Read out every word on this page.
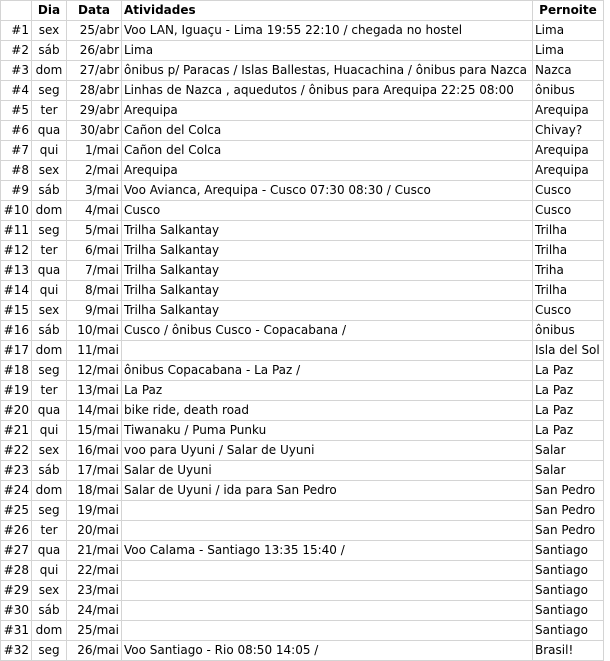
	Dia	Data	Atividades	Pernoite
#1	sex	25/abr	Voo LAN, Iguaçu - Lima 19:55 22:10 / chegada no hostel	Lima
#2	sáb	26/abr	Lima	Lima
#3	dom	27/abr	ônibus p/ Paracas / Islas Ballestas, Huacachina / ônibus para Nazca	Nazca
#4	seg	28/abr	Linhas de Nazca , aquedutos / ônibus para Arequipa 22:25 08:00	ônibus
#5	ter	29/abr	Arequipa	Arequipa
#6	qua	30/abr	Cañon del Colca	Chivay?
#7	qui	1/mai	Cañon del Colca	Arequipa
#8	sex	2/mai	Arequipa	Arequipa
#9	sáb	3/mai	Voo Avianca, Arequipa - Cusco 07:30 08:30 / Cusco	Cusco
#10	dom	4/mai	Cusco	Cusco
#11	seg	5/mai	Trilha Salkantay	Trilha
#12	ter	6/mai	Trilha Salkantay	Trilha
#13	qua	7/mai	Trilha Salkantay	Triha
#14	qui	8/mai	Trilha Salkantay	Trilha
#15	sex	9/mai	Trilha Salkantay	Cusco
#16	sáb	10/mai	Cusco / ônibus Cusco - Copacabana /	ônibus
#17	dom	11/mai		Isla del Sol
#18	seg	12/mai	ônibus Copacabana - La Paz /	La Paz
#19	ter	13/mai	La Paz	La Paz
#20	qua	14/mai	bike ride, death road	La Paz
#21	qui	15/mai	Tiwanaku / Puma Punku	La Paz
#22	sex	16/mai	voo para Uyuni / Salar de Uyuni	Salar
#23	sáb	17/mai	Salar de Uyuni	Salar
#24	dom	18/mai	Salar de Uyuni / ida para San Pedro	San Pedro
#25	seg	19/mai		San Pedro
#26	ter	20/mai		San Pedro
#27	qua	21/mai	Voo Calama - Santiago 13:35 15:40 /	Santiago
#28	qui	22/mai		Santiago
#29	sex	23/mai		Santiago
#30	sáb	24/mai		Santiago
#31	dom	25/mai		Santiago
#32	seg	26/mai	Voo Santiago - Rio 08:50 14:05 /	Brasil!
